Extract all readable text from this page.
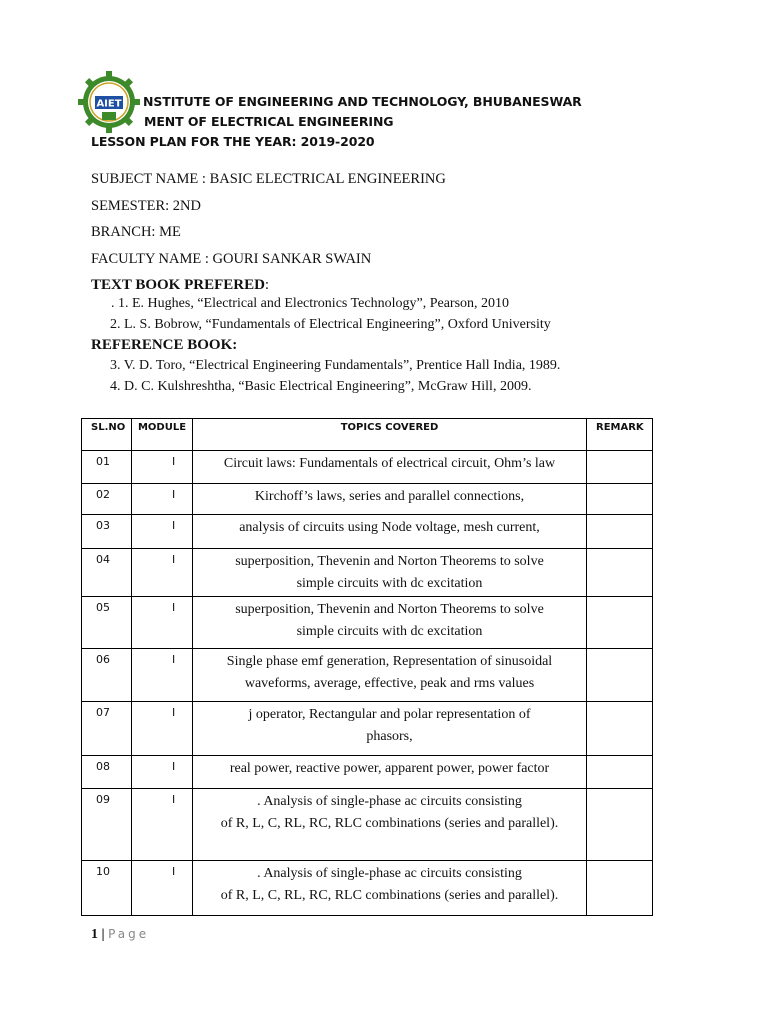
AIET NSTITUTE OF ENGINEERING AND TECHNOLOGY, BHUBANESWAR
MENT OF ELECTRICAL ENGINEERING
LESSON PLAN FOR THE YEAR: 2019-2020
SUBJECT NAME : BASIC ELECTRICAL ENGINEERING
SEMESTER: 2ND
BRANCH: ME
FACULTY NAME : GOURI SANKAR SWAIN
TEXT BOOK PREFERED:
. 1. E. Hughes, “Electrical and Electronics Technology”, Pearson, 2010
2. L. S. Bobrow, “Fundamentals of Electrical Engineering”, Oxford University
REFERENCE BOOK:
3. V. D. Toro, “Electrical Engineering Fundamentals”, Prentice Hall India, 1989.
4. D. C. Kulshreshtha, “Basic Electrical Engineering”, McGraw Hill, 2009.
SL.NO	MODULE	TOPICS COVERED	REMARK
01	I	Circuit laws: Fundamentals of electrical circuit, Ohm’s law	

02	I	Kirchoff’s laws, series and parallel connections,	

03	I	analysis of circuits using Node voltage, mesh current,	

04	I	superposition, Thevenin and Norton Theorems to solve
simple circuits with dc excitation	

05	I	superposition, Thevenin and Norton Theorems to solve
simple circuits with dc excitation	

06	I	Single phase emf generation, Representation of sinusoidal
waveforms, average, effective, peak and rms values	

07	I	j operator, Rectangular and polar representation of
phasors,	

08	I	real power, reactive power, apparent power, power factor	

09	I	. Analysis of single-phase ac circuits consisting
of R, L, C, RL, RC, RLC combinations (series and parallel).	

10	I	. Analysis of single-phase ac circuits consisting
of R, L, C, RL, RC, RLC combinations (series and parallel).	

1 | Page
